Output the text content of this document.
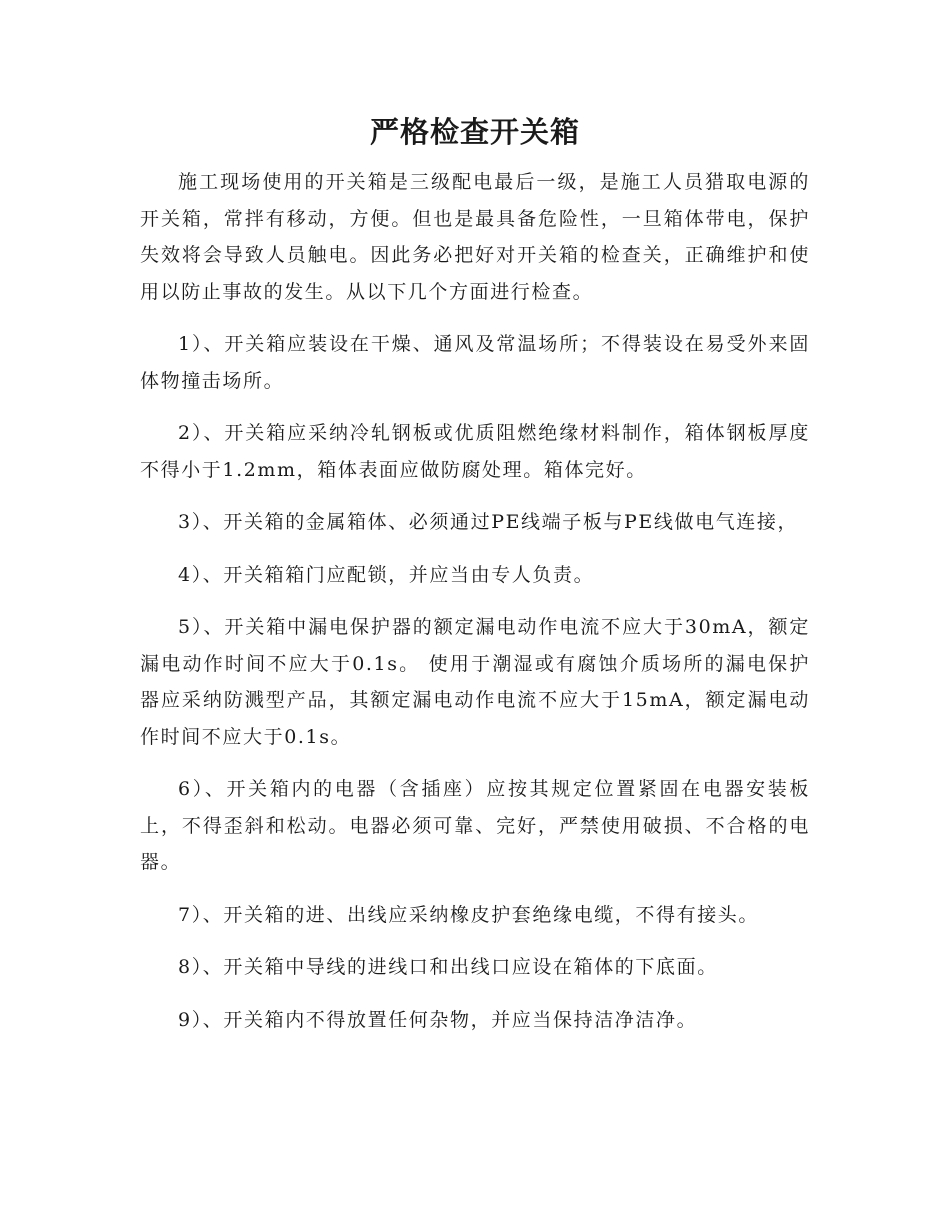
严格检查开关箱

施工现场使用的开关箱是三级配电最后一级，是施工人员猎取电源的开关箱，常拌有移动，方便。但也是最具备危险性，一旦箱体带电，保护失效将会导致人员触电。因此务必把好对开关箱的检查关，正确维护和使用以防止事故的发生。从以下几个方面进行检查。

1）、开关箱应装设在干燥、通风及常温场所；不得装设在易受外来固体物撞击场所。

2）、开关箱应采纳冷轧钢板或优质阻燃绝缘材料制作，箱体钢板厚度不得小于1.2mm，箱体表面应做防腐处理。箱体完好。

3）、开关箱的金属箱体、必须通过PE线端子板与PE线做电气连接，

4）、开关箱箱门应配锁，并应当由专人负责。

5）、开关箱中漏电保护器的额定漏电动作电流不应大于30mA，额定漏电动作时间不应大于0.1s。 使用于潮湿或有腐蚀介质场所的漏电保护器应采纳防溅型产品，其额定漏电动作电流不应大于15mA，额定漏电动作时间不应大于0.1s。

6）、开关箱内的电器（含插座）应按其规定位置紧固在电器安装板上，不得歪斜和松动。电器必须可靠、完好，严禁使用破损、不合格的电器。

7）、开关箱的进、出线应采纳橡皮护套绝缘电缆，不得有接头。

8）、开关箱中导线的进线口和出线口应设在箱体的下底面。

9）、开关箱内不得放置任何杂物，并应当保持洁净洁净。
